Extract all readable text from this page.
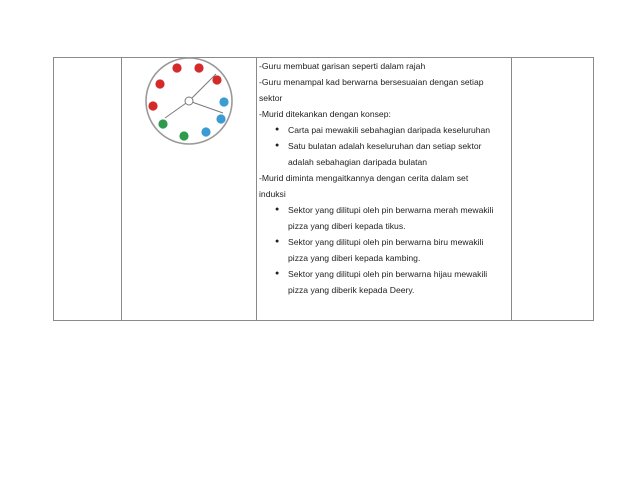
-Guru membuat garisan seperti dalam rajah

-Guru menampal kad berwarna bersesuaian dengan setiap

sektor

-Murid ditekankan dengan konsep:

● Carta pai mewakili sebahagian daripada keseluruhan
● Satu bulatan adalah keseluruhan dan setiap sektor
adalah sebahagian daripada bulatan

-Murid diminta mengaitkannya dengan cerita dalam set

induksi

● Sektor yang dilitupi oleh pin berwarna merah mewakili
pizza yang diberi kepada tikus.
● Sektor yang dilitupi oleh pin berwarna biru mewakili
pizza yang diberi kepada kambing.
● Sektor yang dilitupi oleh pin berwarna hijau mewakili
pizza yang diberik kepada Deery.
